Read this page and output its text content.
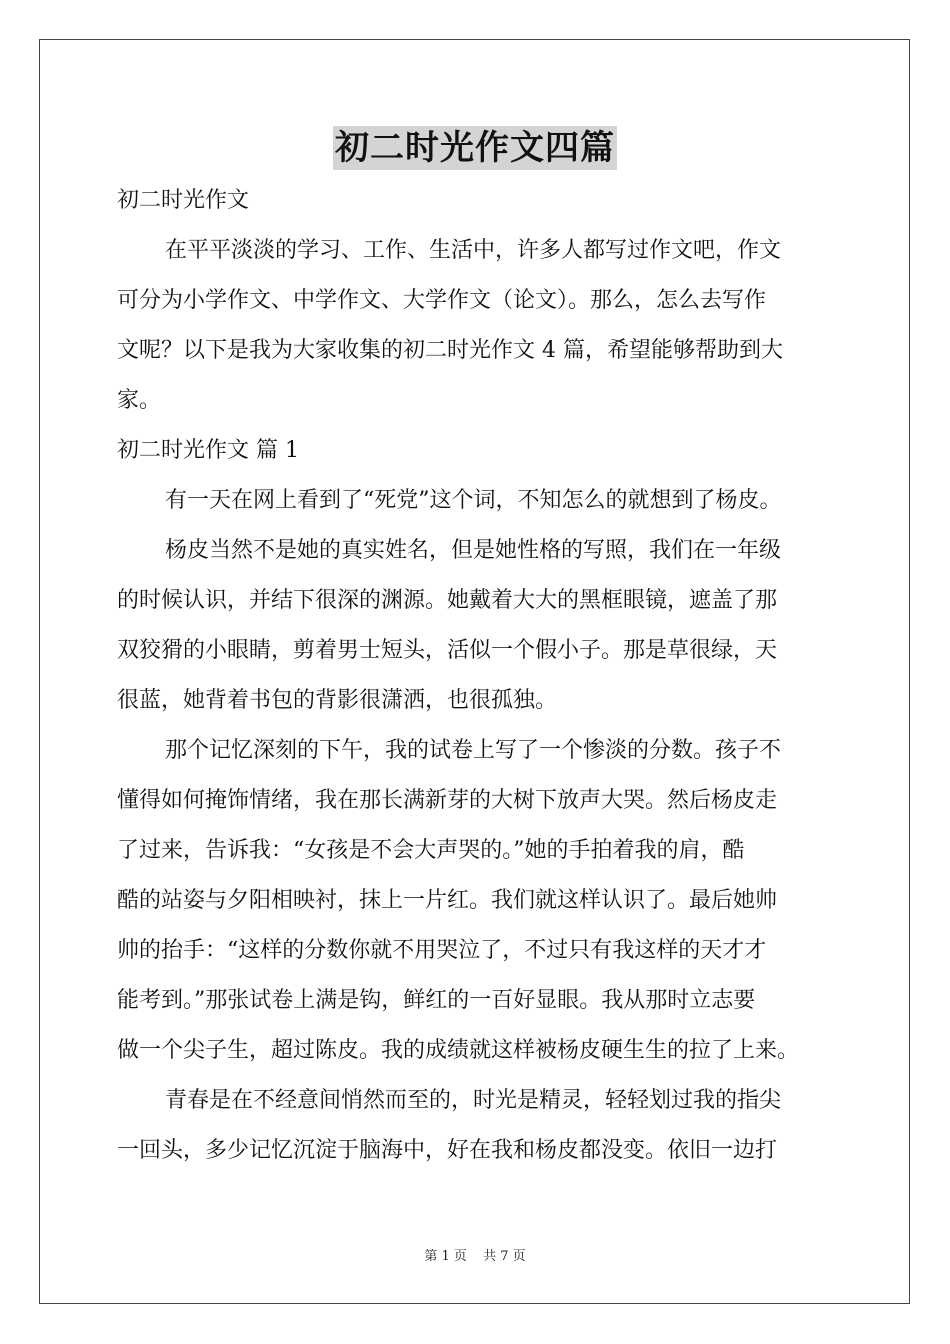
初二时光作文四篇
初二时光作文
在平平淡淡的学习、工作、生活中，许多人都写过作文吧，作文
可分为小学作文、中学作文、大学作文（论文）。那么，怎么去写作
文呢？以下是我为大家收集的初二时光作文 4 篇，希望能够帮助到大
家。
初二时光作文 篇 1
有一天在网上看到了“死党”这个词，不知怎么的就想到了杨皮。
杨皮当然不是她的真实姓名，但是她性格的写照，我们在一年级
的时候认识，并结下很深的渊源。她戴着大大的黑框眼镜，遮盖了那
双狡猾的小眼睛，剪着男士短头，活似一个假小子。那是草很绿，天
很蓝，她背着书包的背影很潇洒，也很孤独。
那个记忆深刻的下午，我的试卷上写了一个惨淡的分数。孩子不
懂得如何掩饰情绪，我在那长满新芽的大树下放声大哭。然后杨皮走
了过来，告诉我：“女孩是不会大声哭的。”她的手拍着我的肩，酷
酷的站姿与夕阳相映衬，抹上一片红。我们就这样认识了。最后她帅
帅的抬手：“这样的分数你就不用哭泣了，不过只有我这样的天才才
能考到。”那张试卷上满是钩，鲜红的一百好显眼。我从那时立志要
做一个尖子生，超过陈皮。我的成绩就这样被杨皮硬生生的拉了上来。
青春是在不经意间悄然而至的，时光是精灵，轻轻划过我的指尖
一回头，多少记忆沉淀于脑海中，好在我和杨皮都没变。依旧一边打
第 1 页 共 7 页
